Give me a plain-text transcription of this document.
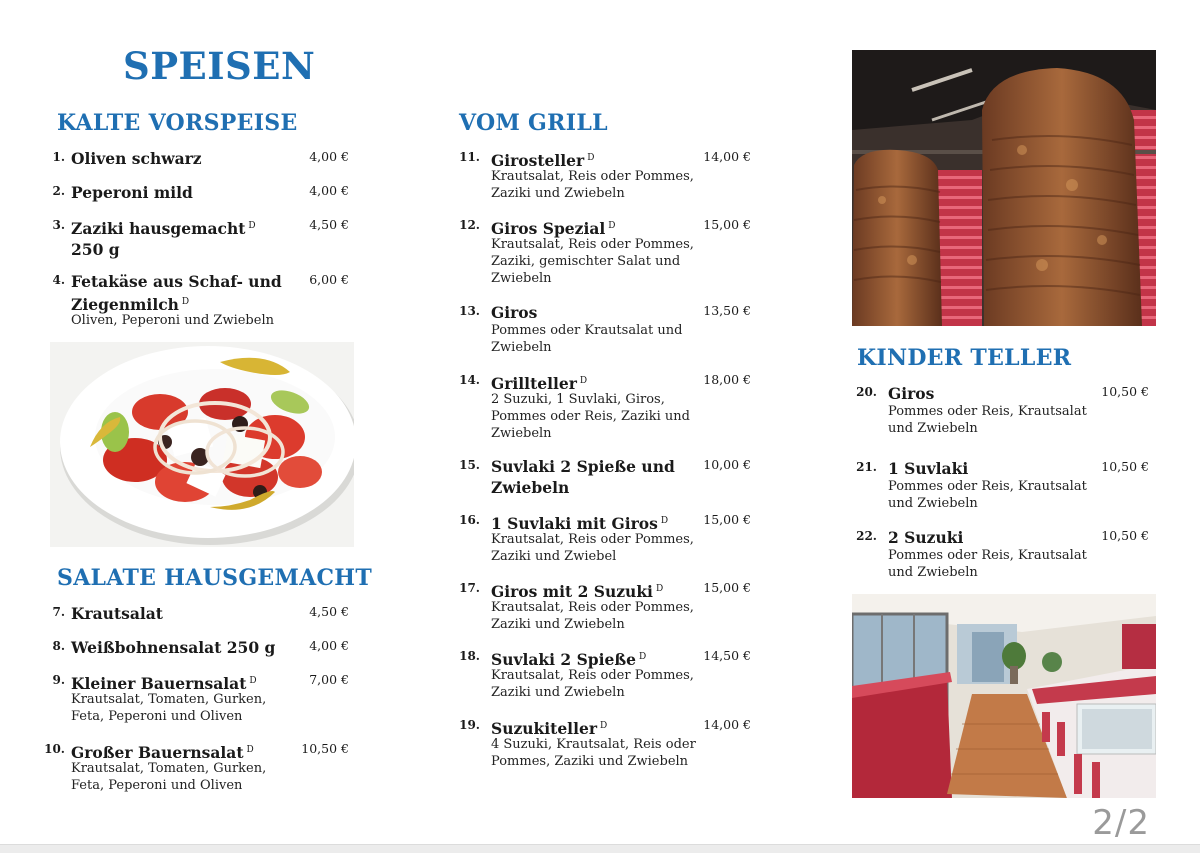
SPEISEN
KALTE VORSPEISE
1. Oliven schwarz	4,00 €
2. Peperoni mild	4,00 €
3. Zaziki hausgemacht $^D$
250 g
4,50 €
4. Fetakäse aus Schaf- und
Ziegenmilch $^D$
Oliven, Peperoni und Zwiebeln
6,00 €
SALATE HAUSGEMACHT
7. Krautsalat	4,50 €
8. Weißbohnensalat 250 g	4,00 €
9. Kleiner Bauernsalat $^D$
Krautsalat, Tomaten, Gurken,
Feta, Peperoni und Oliven
7,00 €
10. Großer Bauernsalat $^D$
Krautsalat, Tomaten, Gurken,
Feta, Peperoni und Oliven
10,50 €
VOM GRILL
11. Girosteller $^D$
Krautsalat, Reis oder Pommes,
Zaziki und Zwiebeln
14,00 €
12. Giros Spezial $^D$
Krautsalat, Reis oder Pommes,
Zaziki, gemischter Salat und
Zwiebeln
15,00 €
13. Giros
Pommes oder Krautsalat und
Zwiebeln
13,50 €
14. Grillteller $^D$
2 Suzuki, 1 Suvlaki, Giros,
Pommes oder Reis, Zaziki und
Zwiebeln
18,00 €
15. Suvlaki 2 Spieße und
Zwiebeln
10,00 €
16. 1 Suvlaki mit Giros $^D$
Krautsalat, Reis oder Pommes,
Zaziki und Zwiebel
15,00 €
17. Giros mit 2 Suzuki $^D$
Krautsalat, Reis oder Pommes,
Zaziki und Zwiebeln
15,00 €
18. Suvlaki 2 Spieße $^D$
Krautsalat, Reis oder Pommes,
Zaziki und Zwiebeln
14,50 €
19. Suzukiteller $^D$
4 Suzuki, Krautsalat, Reis oder
Pommes, Zaziki und Zwiebeln
14,00 €
KINDER TELLER
20. Giros
Pommes oder Reis, Krautsalat
und Zwiebeln
10,50 €
21. 1 Suvlaki
Pommes oder Reis, Krautsalat
und Zwiebeln
10,50 €
22. 2 Suzuki
Pommes oder Reis, Krautsalat
und Zwiebeln
10,50 €
2/2
